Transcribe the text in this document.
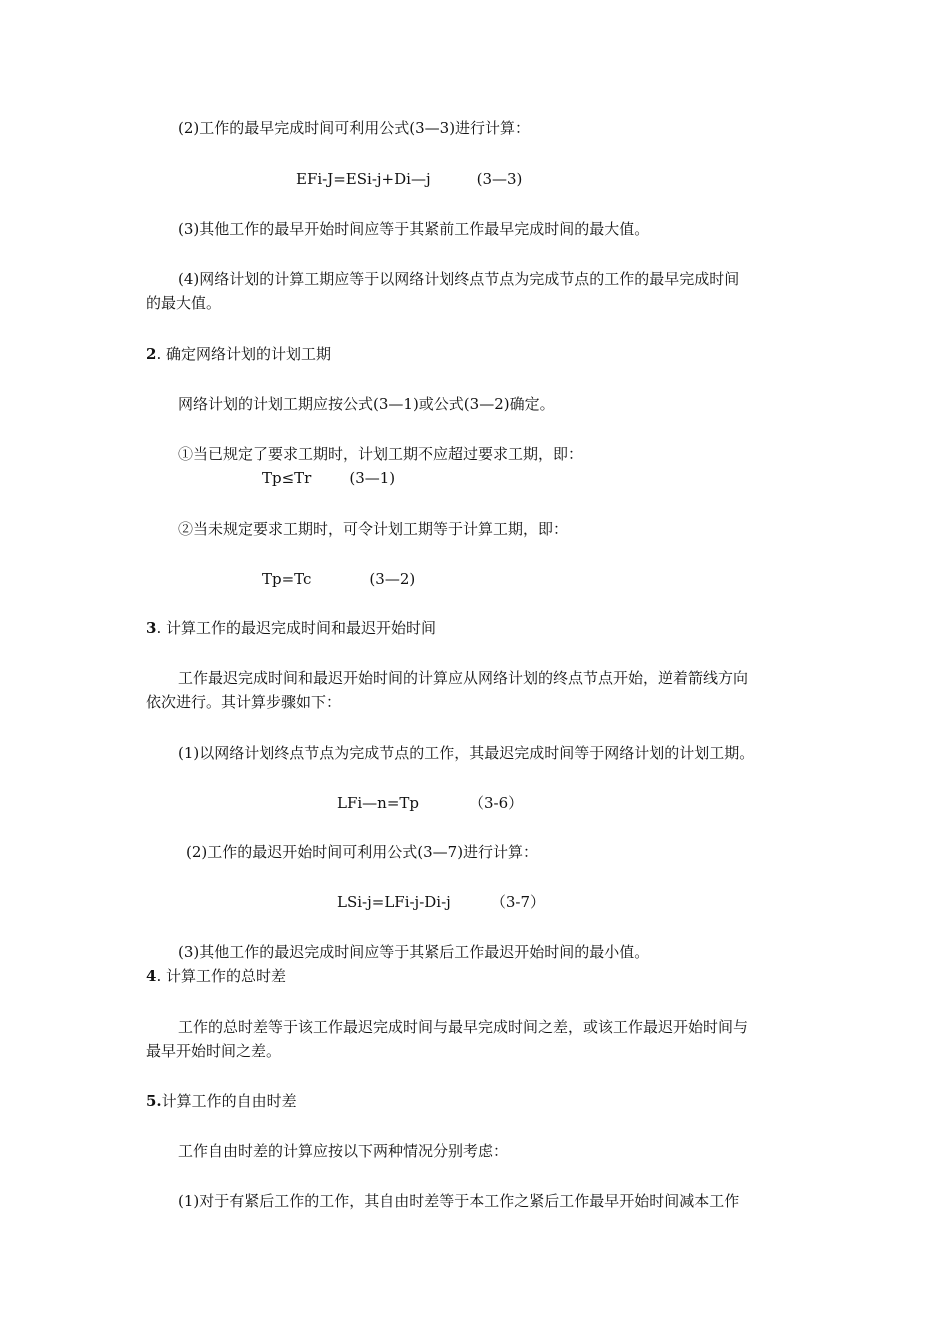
(2)工作的最早完成时间可利用公式(3—3)进行计算：
EFi-J=ESi-j+Di—j	(3—3)
(3)其他工作的最早开始时间应等于其紧前工作最早完成时间的最大值。
(4)网络计划的计算工期应等于以网络计划终点节点为完成节点的工作的最早完成时间
的最大值。
2. 确定网络计划的计划工期
网络计划的计划工期应按公式(3—1)或公式(3—2)确定。
①当已规定了要求工期时，计划工期不应超过要求工期，即：
Tp≤Tr	(3—1)
②当未规定要求工期时，可令计划工期等于计算工期，即：
Tp=Tc	(3—2)
3. 计算工作的最迟完成时间和最迟开始时间
工作最迟完成时间和最迟开始时间的计算应从网络计划的终点节点开始，逆着箭线方向
依次进行。其计算步骤如下：
(1)以网络计划终点节点为完成节点的工作，其最迟完成时间等于网络计划的计划工期。
LFi—n=Tp	（3-6）
(2)工作的最迟开始时间可利用公式(3—7)进行计算：
LSi-j=LFi-j-Di-j	（3-7）
(3)其他工作的最迟完成时间应等于其紧后工作最迟开始时间的最小值。
4. 计算工作的总时差
工作的总时差等于该工作最迟完成时间与最早完成时间之差，或该工作最迟开始时间与
最早开始时间之差。
5.计算工作的自由时差
工作自由时差的计算应按以下两种情况分别考虑：
(1)对于有紧后工作的工作，其自由时差等于本工作之紧后工作最早开始时间减本工作
